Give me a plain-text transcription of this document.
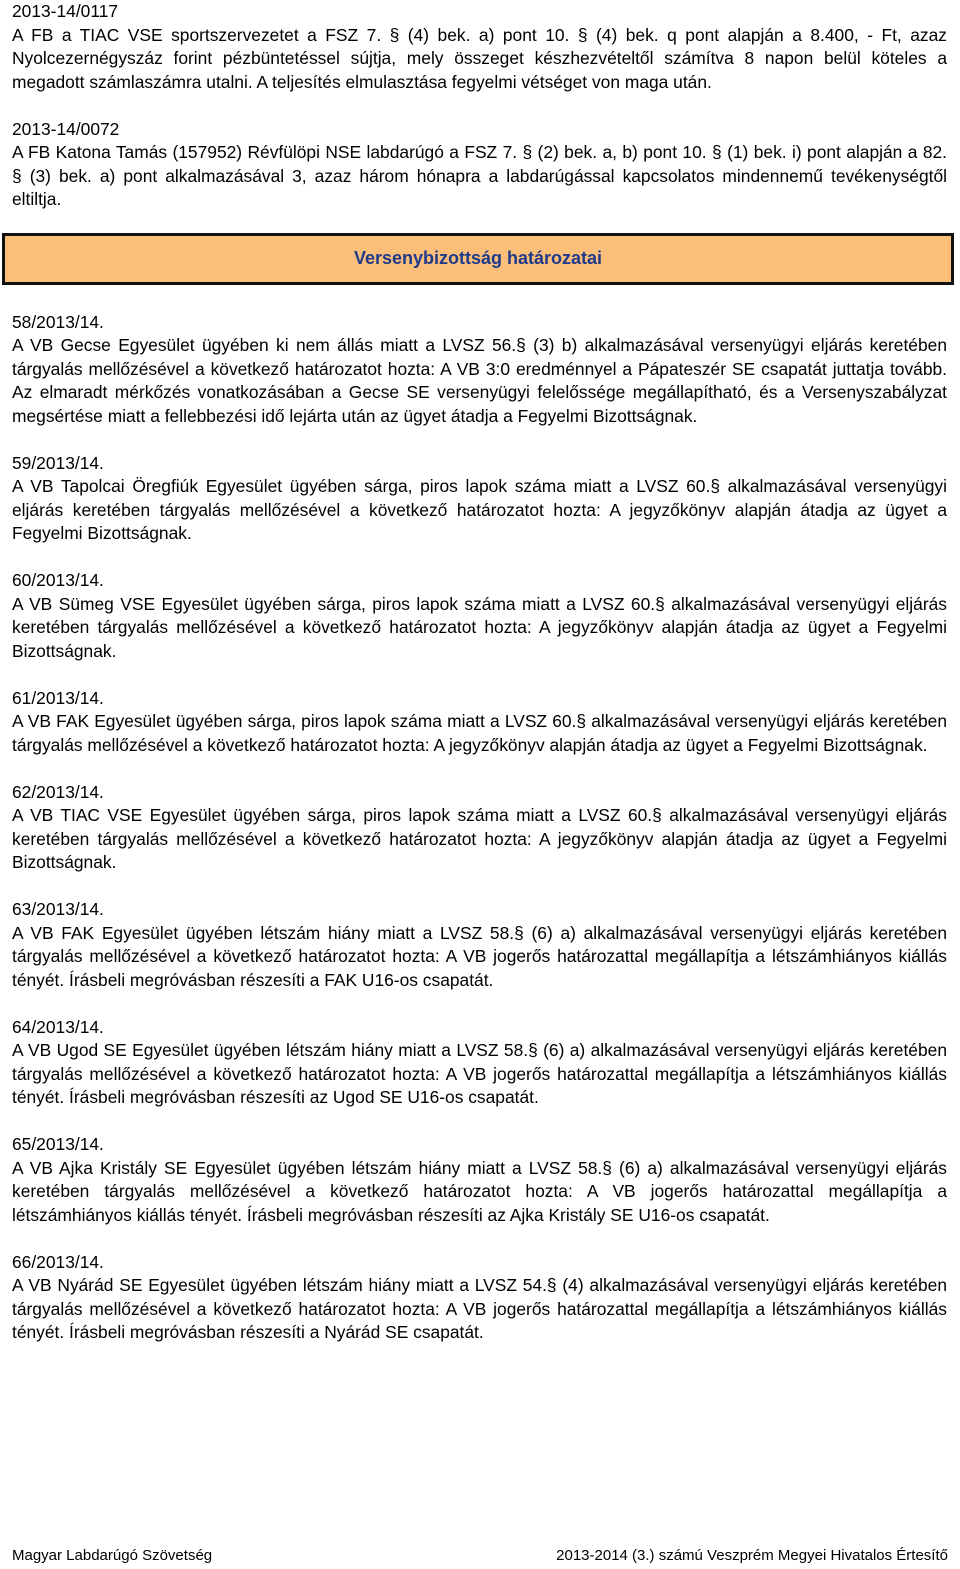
2013-14/0117

A FB a TIAC VSE sportszervezetet a FSZ 7. § (4) bek. a) pont 10. § (4) bek. q pont alapján a 8.400, - Ft, azaz Nyolcezernégyszáz forint pézbüntetéssel sújtja, mely összeget készhezvételtől számítva 8 napon belül köteles a megadott számlaszámra utalni. A teljesítés elmulasztása fegyelmi vétséget von maga után.

2013-14/0072

A FB Katona Tamás (157952) Révfülöpi NSE labdarúgó a FSZ 7. § (2) bek. a, b) pont 10. § (1) bek. i) pont alapján a 82. § (3) bek. a) pont alkalmazásával 3, azaz három hónapra a labdarúgással kapcsolatos mindennemű tevékenységtől eltiltja.

Versenybizottság határozatai

58/2013/14.

A VB Gecse Egyesület ügyében ki nem állás miatt a LVSZ 56.§ (3) b) alkalmazásával versenyügyi eljárás keretében tárgyalás mellőzésével a következő határozatot hozta: A VB 3:0 eredménnyel a Pápateszér SE csapatát juttatja tovább. Az elmaradt mérkőzés vonatkozásában a Gecse SE versenyügyi felelőssége megállapítható, és a Versenyszabályzat megsértése miatt a fellebbezési idő lejárta után az ügyet átadja a Fegyelmi Bizottságnak.

59/2013/14.

A VB Tapolcai Öregfiúk Egyesület ügyében sárga, piros lapok száma miatt a LVSZ 60.§ alkalmazásával versenyügyi eljárás keretében tárgyalás mellőzésével a következő határozatot hozta: A jegyzőkönyv alapján átadja az ügyet a Fegyelmi Bizottságnak.

60/2013/14.

A VB Sümeg VSE Egyesület ügyében sárga, piros lapok száma miatt a LVSZ 60.§ alkalmazásával versenyügyi eljárás keretében tárgyalás mellőzésével a következő határozatot hozta: A jegyzőkönyv alapján átadja az ügyet a Fegyelmi Bizottságnak.

61/2013/14.

A VB FAK Egyesület ügyében sárga, piros lapok száma miatt a LVSZ 60.§ alkalmazásával versenyügyi eljárás keretében tárgyalás mellőzésével a következő határozatot hozta: A jegyzőkönyv alapján átadja az ügyet a Fegyelmi Bizottságnak.

62/2013/14.

A VB TIAC VSE Egyesület ügyében sárga, piros lapok száma miatt a LVSZ 60.§ alkalmazásával versenyügyi eljárás keretében tárgyalás mellőzésével a következő határozatot hozta: A jegyzőkönyv alapján átadja az ügyet a Fegyelmi Bizottságnak.

63/2013/14.

A VB FAK Egyesület ügyében létszám hiány miatt a LVSZ 58.§ (6) a) alkalmazásával versenyügyi eljárás keretében tárgyalás mellőzésével a következő határozatot hozta: A VB jogerős határozattal megállapítja a létszámhiányos kiállás tényét. Írásbeli megróvásban részesíti a FAK U16-os csapatát.

64/2013/14.

A VB Ugod SE Egyesület ügyében létszám hiány miatt a LVSZ 58.§ (6) a) alkalmazásával versenyügyi eljárás keretében tárgyalás mellőzésével a következő határozatot hozta: A VB jogerős határozattal megállapítja a létszámhiányos kiállás tényét. Írásbeli megróvásban részesíti az Ugod SE U16-os csapatát.

65/2013/14.

A VB Ajka Kristály SE Egyesület ügyében létszám hiány miatt a LVSZ 58.§ (6) a) alkalmazásával versenyügyi eljárás keretében tárgyalás mellőzésével a következő határozatot hozta: A VB jogerős határozattal megállapítja a létszámhiányos kiállás tényét. Írásbeli megróvásban részesíti az Ajka Kristály SE U16-os csapatát.

66/2013/14.

A VB Nyárád SE Egyesület ügyében létszám hiány miatt a LVSZ 54.§ (4) alkalmazásával versenyügyi eljárás keretében tárgyalás mellőzésével a következő határozatot hozta: A VB jogerős határozattal megállapítja a létszámhiányos kiállás tényét. Írásbeli megróvásban részesíti a Nyárád SE csapatát.

Magyar Labdarúgó Szövetség	2013-2014 (3.) számú Veszprém Megyei Hivatalos Értesítő
